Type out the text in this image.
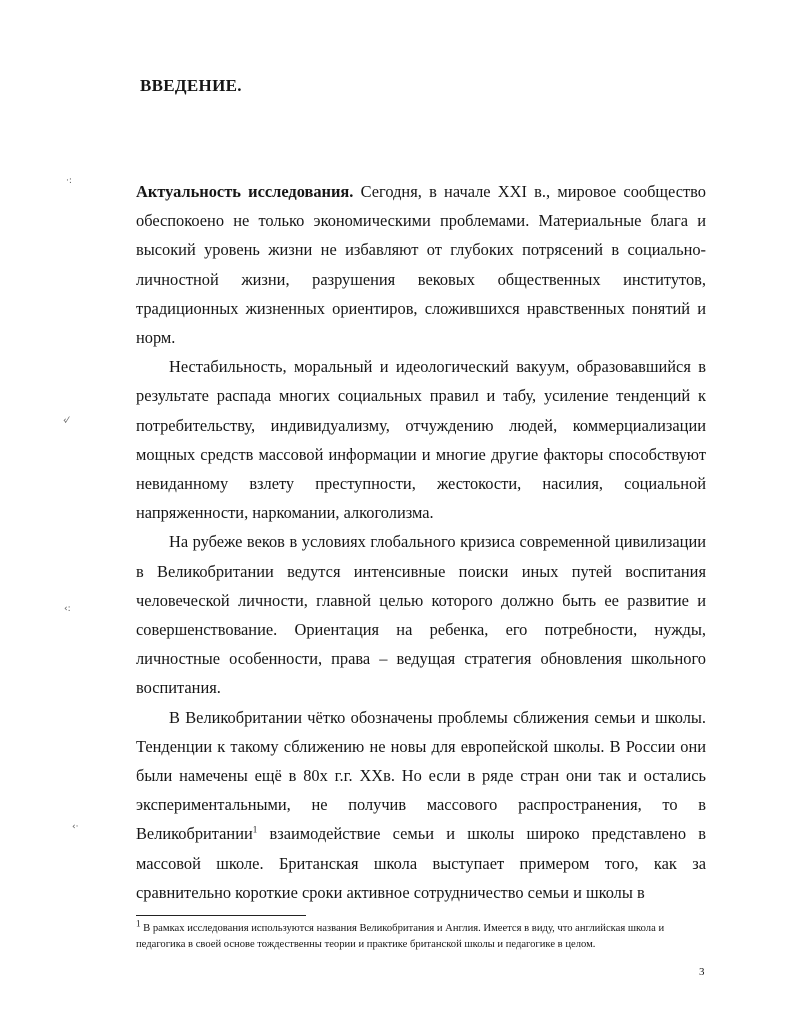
ВВЕДЕНИЕ.

Актуальность исследования. Сегодня, в начале XXI в., мировое сообщество обеспокоено не только экономическими проблемами. Материальные блага и высокий уровень жизни не избавляют от глубоких потрясений в социально-личностной жизни, разрушения вековых общественных институтов, традиционных жизненных ориентиров, сложившихся нравственных понятий и норм.

Нестабильность, моральный и идеологический вакуум, образовавшийся в результате распада многих социальных правил и табу, усиление тенденций к потребительству, индивидуализму, отчуждению людей, коммерциализации мощных средств массовой информации и многие другие факторы способствуют невиданному взлету преступности, жестокости, насилия, социальной напряженности, наркомании, алкоголизма.

На рубеже веков в условиях глобального кризиса современной цивилизации в Великобритании ведутся интенсивные поиски иных путей воспитания человеческой личности, главной целью которого должно быть ее развитие и совершенствование. Ориентация на ребенка, его потребности, нужды, личностные особенности, права – ведущая стратегия обновления школьного воспитания.

В Великобритании чётко обозначены проблемы сближения семьи и школы. Тенденции к такому сближению не новы для европейской школы. В России они были намечены ещё в 80х г.г. XXв. Но если в ряде стран они так и остались экспериментальными, не получив массового распространения, то в Великобритании$^1$ взаимодействие семьи и школы широко представлено в массовой школе. Британская школа выступает примером того, как за сравнительно короткие сроки активное сотрудничество семьи и школы в

$^1$ В рамках исследования используются названия Великобритания и Англия. Имеется в виду, что английская школа и педагогика в своей основе тождественны теории и практике британской школы и педагогике в целом.

3

·:
‹⁄
‹:
‹·
